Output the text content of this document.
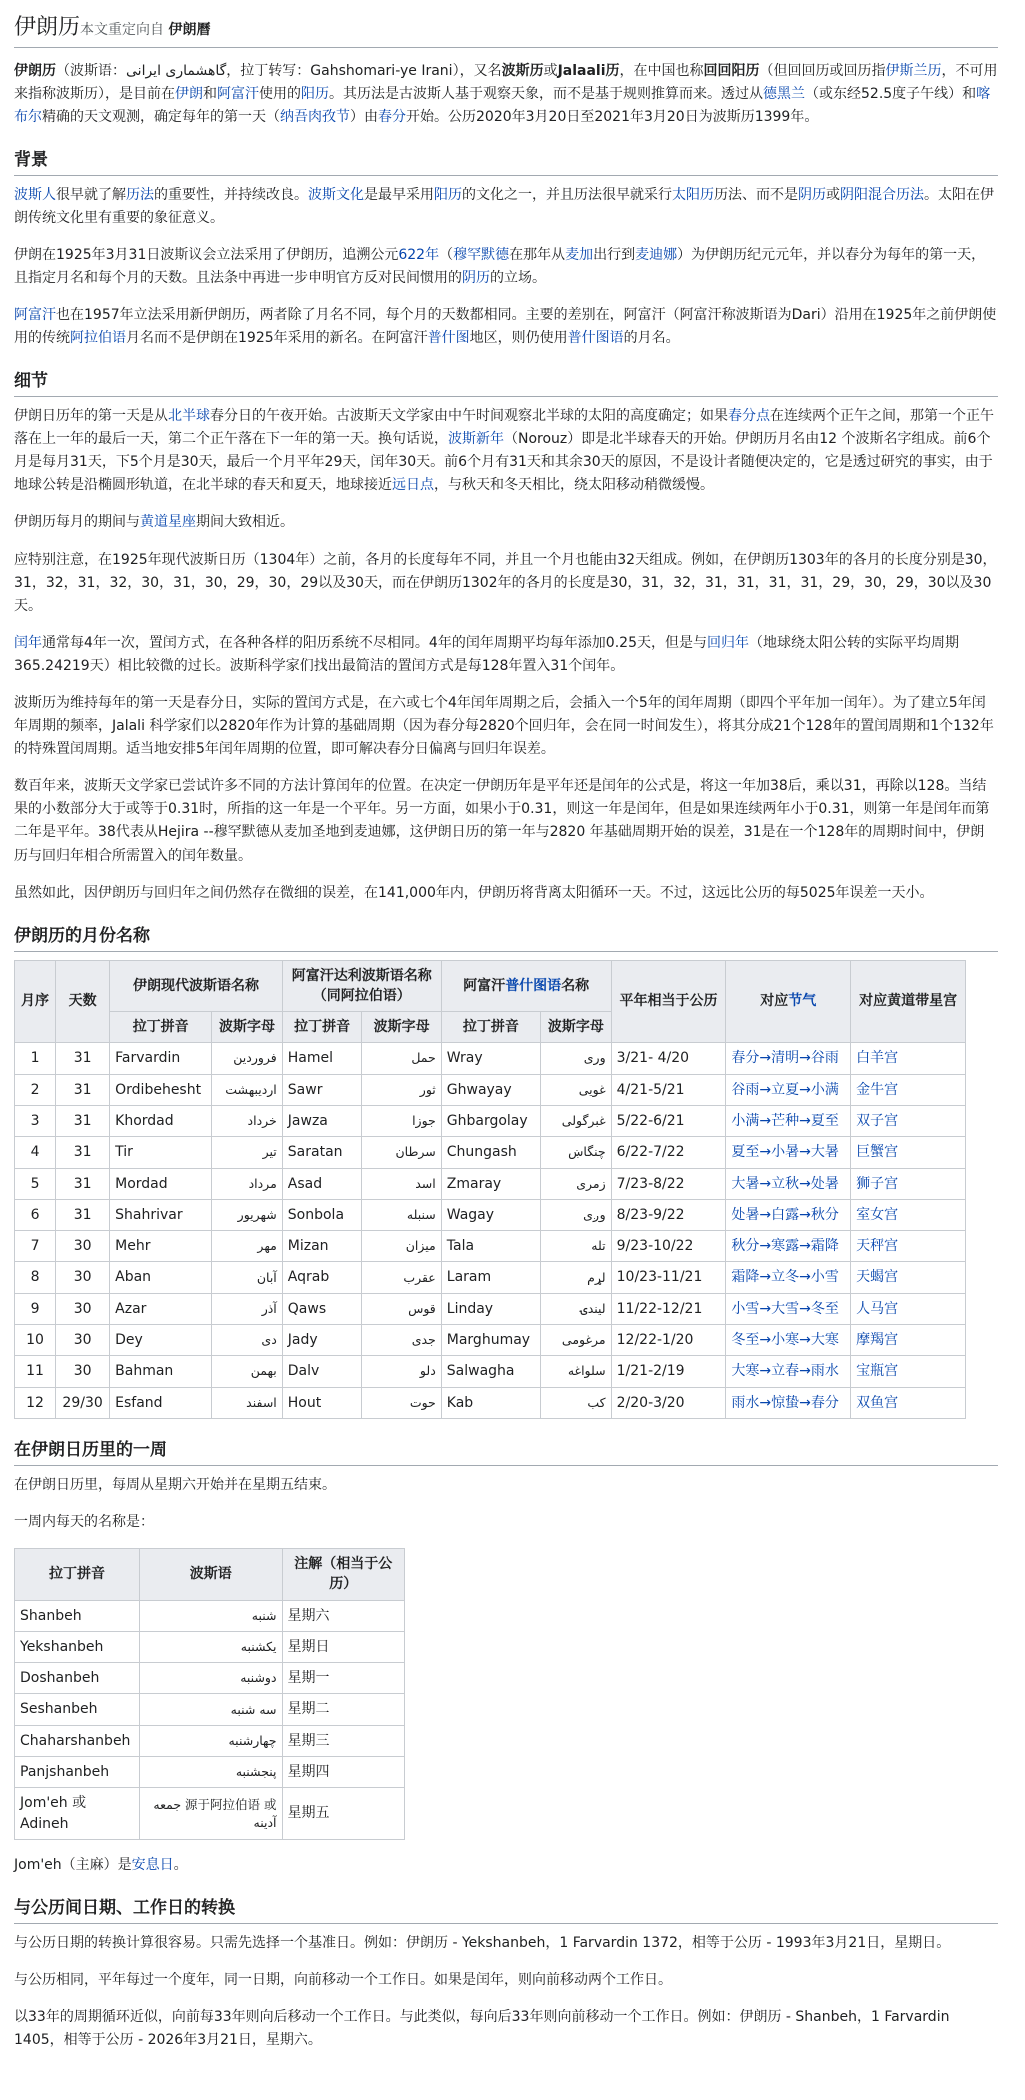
伊朗历本文重定向自 伊朗曆

伊朗历（波斯语：گاهشماری ایرانی，拉丁转写：Gahshomari-ye Irani），又名波斯历或Jalaali历，在中国也称回回阳历（但回回历或回历指伊斯兰历，不可用来指称波斯历），是目前在伊朗和阿富汗使用的阳历。其历法是古波斯人基于观察天象，而不是基于规则推算而来。透过从德黑兰（或东经52.5度子午线）和喀布尔精确的天文观测，确定每年的第一天（纳吾肉孜节）由春分开始。公历2020年3月20日至2021年3月20日为波斯历1399年。

背景

波斯人很早就了解历法的重要性，并持续改良。波斯文化是最早采用阳历的文化之一，并且历法很早就采行太阳历历法、而不是阴历或阴阳混合历法。太阳在伊朗传统文化里有重要的象征意义。

伊朗在1925年3月31日波斯议会立法采用了伊朗历，追溯公元622年（穆罕默德在那年从麦加出行到麦迪娜）为伊朗历纪元元年，并以春分为每年的第一天，且指定月名和每个月的天数。且法条中再进一步申明官方反对民间惯用的阴历的立场。

阿富汗也在1957年立法采用新伊朗历，两者除了月名不同，每个月的天数都相同。主要的差别在，阿富汗（阿富汗称波斯语为Dari）沿用在1925年之前伊朗使用的传统阿拉伯语月名而不是伊朗在1925年采用的新名。在阿富汗普什图地区，则仍使用普什图语的月名。

细节

伊朗日历年的第一天是从北半球春分日的午夜开始。古波斯天文学家由中午时间观察北半球的太阳的高度确定；如果春分点在连续两个正午之间，那第一个正午落在上一年的最后一天，第二个正午落在下一年的第一天。换句话说，波斯新年（Norouz）即是北半球春天的开始。伊朗历月名由12 个波斯名字组成。前6个月是每月31天，下5个月是30天，最后一个月平年29天，闰年30天。前6个月有31天和其余30天的原因，不是设计者随便决定的，它是透过研究的事实，由于地球公转是沿椭圆形轨道，在北半球的春天和夏天，地球接近远日点，与秋天和冬天相比，绕太阳移动稍微缓慢。

伊朗历每月的期间与黄道星座期间大致相近。

应特别注意，在1925年现代波斯日历（1304年）之前，各月的长度每年不同，并且一个月也能由32天组成。例如，在伊朗历1303年的各月的长度分别是30，31，32，31，32，30，31，30，29，30，29以及30天，而在伊朗历1302年的各月的长度是30，31，32，31，31，31，31，29，30，29，30以及30天。

闰年通常每4年一次，置闰方式，在各种各样的阳历系统不尽相同。4年的闰年周期平均每年添加0.25天，但是与回归年（地球绕太阳公转的实际平均周期365.24219天）相比较微的过长。波斯科学家们找出最简洁的置闰方式是每128年置入31个闰年。

波斯历为维持每年的第一天是春分日，实际的置闰方式是，在六或七个4年闰年周期之后，会插入一个5年的闰年周期（即四个平年加一闰年）。为了建立5年闰年周期的频率，Jalali 科学家们以2820年作为计算的基础周期（因为春分每2820个回归年，会在同一时间发生），将其分成21个128年的置闰周期和1个132年的特殊置闰周期。适当地安排5年闰年周期的位置，即可解决春分日偏离与回归年误差。

数百年来，波斯天文学家已尝试许多不同的方法计算闰年的位置。在决定一伊朗历年是平年还是闰年的公式是，将这一年加38后，乘以31，再除以128。当结果的小数部分大于或等于0.31时，所指的这一年是一个平年。另一方面，如果小于0.31，则这一年是闰年，但是如果连续两年小于0.31，则第一年是闰年而第二年是平年。38代表从Hejira --穆罕默德从麦加圣地到麦迪娜，这伊朗日历的第一年与2820 年基础周期开始的误差，31是在一个128年的周期时间中，伊朗历与回归年相合所需置入的闰年数量。

虽然如此，因伊朗历与回归年之间仍然存在微细的误差，在141,000年内，伊朗历将背离太阳循环一天。不过，这远比公历的每5025年误差一天小。

伊朗历的月份名称
月序	天数	伊朗现代波斯语名称		阿富汗达利波斯语名称
（同阿拉伯语）		阿富汗普什图语名称		平年相当于公历	对应节气	对应黄道带星宫
		拉丁拼音	波斯字母	拉丁拼音	波斯字母	拉丁拼音	波斯字母			
1	31	Farvardin	فروردین	Hamel	حمل	Wray	وری	3/21- 4/20	春分→清明→谷雨	白羊宫
2	31	Ordibehesht	اردیبهشت	Sawr	ثور	Ghwayay	غویی	4/21-5/21	谷雨→立夏→小满	金牛宫
3	31	Khordad	خرداد	Jawza	جوزا	Ghbargolay	غبرگولی	5/22-6/21	小满→芒种→夏至	双子宫
4	31	Tir	تیر	Saratan	سرطان	Chungash	چنگاښ	6/22-7/22	夏至→小暑→大暑	巨蟹宫
5	31	Mordad	مرداد	Asad	اسد	Zmaray	زمری	7/23-8/22	大暑→立秋→处暑	狮子宫
6	31	Shahrivar	شهریور	Sonbola	سنبله	Wagay	وږی	8/23-9/22	处暑→白露→秋分	室女宫
7	30	Mehr	مهر	Mizan	میزان	Tala	تله	9/23-10/22	秋分→寒露→霜降	天秤宫
8	30	Aban	آبان	Aqrab	عقرب	Laram	لړم	10/23-11/21	霜降→立冬→小雪	天蝎宫
9	30	Azar	آذر	Qaws	قوس	Linday	لیندۍ	11/22-12/21	小雪→大雪→冬至	人马宫
10	30	Dey	دی	Jady	جدی	Marghumay	مرغومی	12/22-1/20	冬至→小寒→大寒	摩羯宫
11	30	Bahman	بهمن	Dalv	دلو	Salwagha	سلواغه	1/21-2/19	大寒→立春→雨水	宝瓶宫
12	29/30	Esfand	اسفند	Hout	حوت	Kab	کب	2/20-3/20	雨水→惊蛰→春分	双鱼宫
在伊朗日历里的一周

在伊朗日历里，每周从星期六开始并在星期五结束。

一周内每天的名称是：

拉丁拼音	波斯语	注解（相当于公历）
Shanbeh	شنبه	星期六
Yekshanbeh	یکشنبه	星期日
Doshanbeh	دوشنبه	星期一
Seshanbeh	سه شنبه	星期二
Chaharshanbeh	چهارشنبه	星期三
Panjshanbeh	پنجشنبه	星期四
Jom'eh 或Adineh	جمعه 源于阿拉伯语 或آدینه	星期五

Jom'eh（主麻）是安息日。

与公历间日期、工作日的转换

与公历日期的转换计算很容易。只需先选择一个基准日。例如：伊朗历 - Yekshanbeh，1 Farvardin 1372，相等于公历 - 1993年3月21日，星期日。

与公历相同，平年每过一个度年，同一日期，向前移动一个工作日。如果是闰年，则向前移动两个工作日。

以33年的周期循环近似，向前每33年则向后移动一个工作日。与此类似，每向后33年则向前移动一个工作日。例如：伊朗历 - Shanbeh，1 Farvardin 1405，相等于公历 - 2026年3月21日，星期六。
